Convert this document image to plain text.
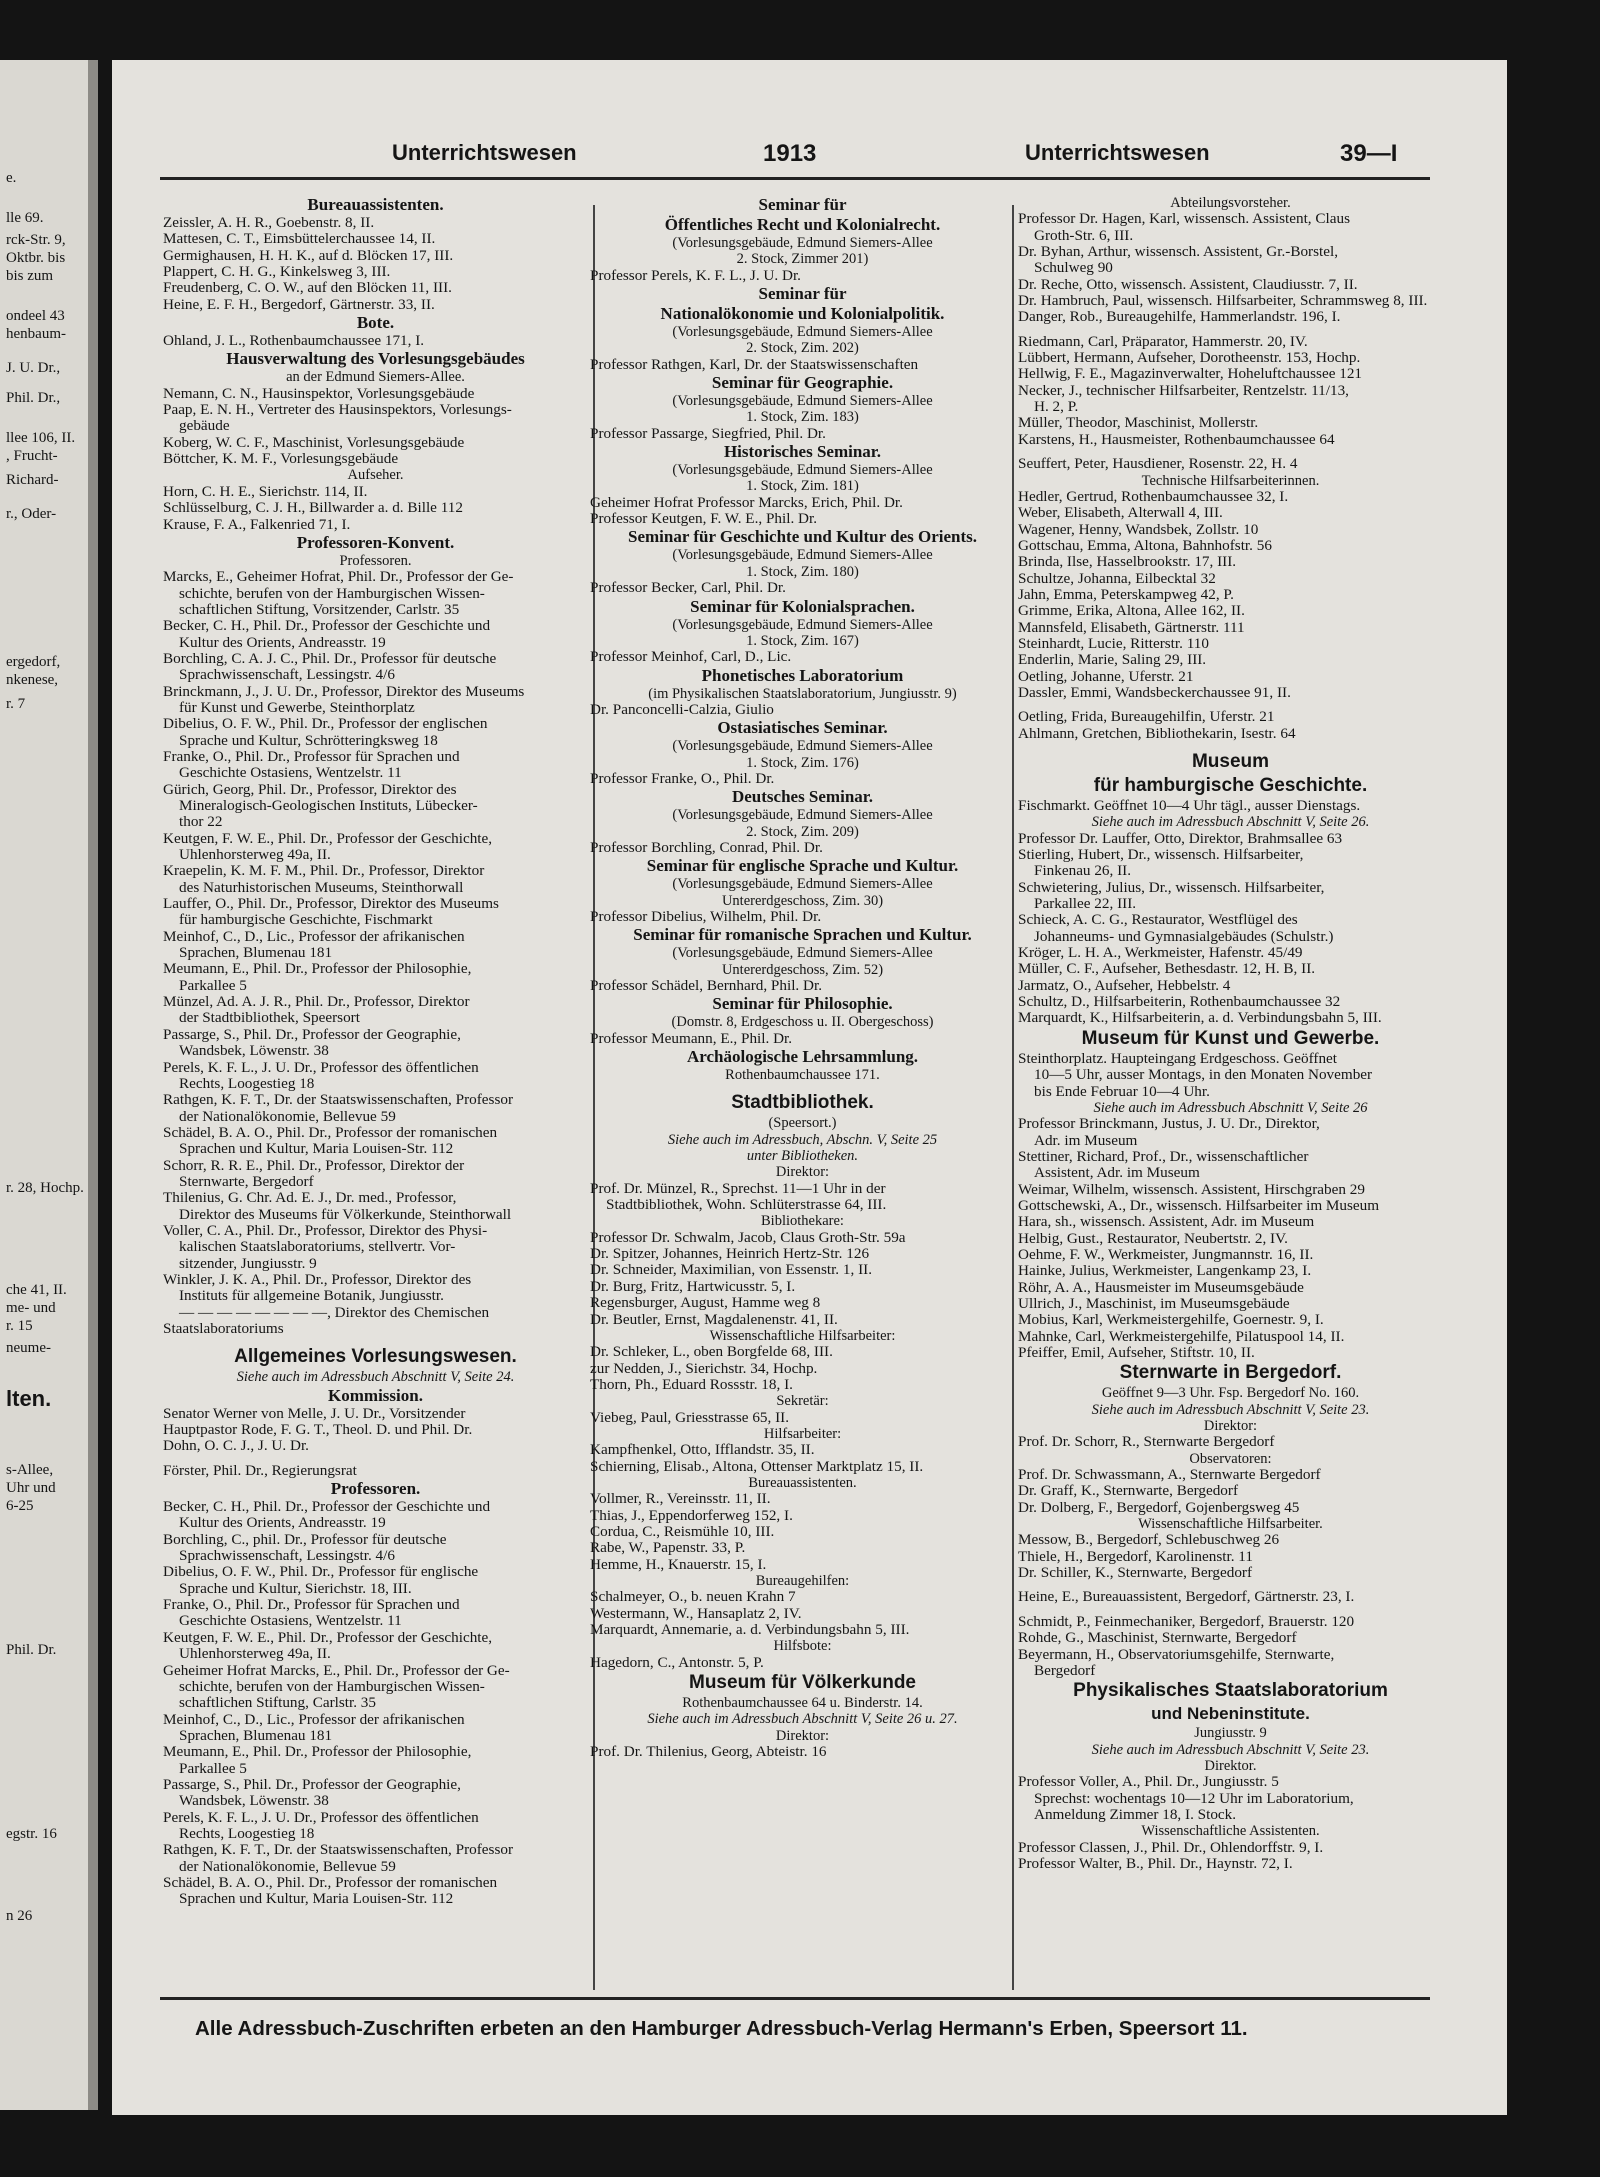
e.
lle 69.
rck-Str. 9,
Oktbr. bis
bis zum
ondeel 43
henbaum-
J. U. Dr.,
Phil. Dr.,
llee 106, II.
, Frucht-
Richard-
r., Oder-
ergedorf,
nkenese,
r. 7
r. 28, Hochp.
che 41, II.
me- und
r. 15
neume-
lten.
s-Allee,
Uhr und
6-25
Phil. Dr.
egstr. 16
n 26
Unterrichtswesen	1913	Unterrichtswesen	39—I
Bureauassistenten.
Zeissler, A. H. R., Goebenstr. 8, II.
Mattesen, C. T., Eimsbüttelerchaussee 14, II.
Germighausen, H. H. K., auf d. Blöcken 17, III.
Plappert, C. H. G., Kinkelsweg 3, III.
Freudenberg, C. O. W., auf den Blöcken 11, III.
Heine, E. F. H., Bergedorf, Gärtnerstr. 33, II.
Bote.
Ohland, J. L., Rothenbaumchaussee 171, I.
Hausverwaltung des Vorlesungsgebäudes
an der Edmund Siemers-Allee.
Nemann, C. N., Hausinspektor, Vorlesungsgebäude
Paap, E. N. H., Vertreter des Hausinspektors, Vorlesungs-
gebäude
Koberg, W. C. F., Maschinist, Vorlesungsgebäude
Böttcher, K. M. F., Vorlesungsgebäude
Aufseher.
Horn, C. H. E., Sierichstr. 114, II.
Schlüsselburg, C. J. H., Billwarder a. d. Bille 112
Krause, F. A., Falkenried 71, I.
Professoren-Konvent.
Professoren.
Marcks, E., Geheimer Hofrat, Phil. Dr., Professor der Ge-
schichte, berufen von der Hamburgischen Wissen-
schaftlichen Stiftung, Vorsitzender, Carlstr. 35
Becker, C. H., Phil. Dr., Professor der Geschichte und
Kultur des Orients, Andreasstr. 19
Borchling, C. A. J. C., Phil. Dr., Professor für deutsche
Sprachwissenschaft, Lessingstr. 4/6
Brinckmann, J., J. U. Dr., Professor, Direktor des Museums
für Kunst und Gewerbe, Steinthorplatz
Dibelius, O. F. W., Phil. Dr., Professor der englischen
Sprache und Kultur, Schrötteringksweg 18
Franke, O., Phil. Dr., Professor für Sprachen und
Geschichte Ostasiens, Wentzelstr. 11
Gürich, Georg, Phil. Dr., Professor, Direktor des
Mineralogisch-Geologischen Instituts, Lübecker-
thor 22
Keutgen, F. W. E., Phil. Dr., Professor der Geschichte,
Uhlenhorsterweg 49a, II.
Kraepelin, K. M. F. M., Phil. Dr., Professor, Direktor
des Naturhistorischen Museums, Steinthorwall
Lauffer, O., Phil. Dr., Professor, Direktor des Museums
für hamburgische Geschichte, Fischmarkt
Meinhof, C., D., Lic., Professor der afrikanischen
Sprachen, Blumenau 181
Meumann, E., Phil. Dr., Professor der Philosophie,
Parkallee 5
Münzel, Ad. A. J. R., Phil. Dr., Professor, Direktor
der Stadtbibliothek, Speersort
Passarge, S., Phil. Dr., Professor der Geographie,
Wandsbek, Löwenstr. 38
Perels, K. F. L., J. U. Dr., Professor des öffentlichen
Rechts, Loogestieg 18
Rathgen, K. F. T., Dr. der Staatswissenschaften, Professor
der Nationalökonomie, Bellevue 59
Schädel, B. A. O., Phil. Dr., Professor der romanischen
Sprachen und Kultur, Maria Louisen-Str. 112
Schorr, R. R. E., Phil. Dr., Professor, Direktor der
Sternwarte, Bergedorf
Thilenius, G. Chr. Ad. E. J., Dr. med., Professor,
Direktor des Museums für Völkerkunde, Steinthorwall
Voller, C. A., Phil. Dr., Professor, Direktor des Physi-
kalischen Staatslaboratoriums, stellvertr. Vor-
sitzender, Jungiusstr. 9
Winkler, J. K. A., Phil. Dr., Professor, Direktor des
Instituts für allgemeine Botanik, Jungiusstr.
— — — — — — — —, Direktor des Chemischen
Staatslaboratoriums
Allgemeines Vorlesungswesen.
Siehe auch im Adressbuch Abschnitt V, Seite 24.
Kommission.
Senator Werner von Melle, J. U. Dr., Vorsitzender
Hauptpastor Rode, F. G. T., Theol. D. und Phil. Dr.
Dohn, O. C. J., J. U. Dr.
Förster, Phil. Dr., Regierungsrat
Professoren.
Becker, C. H., Phil. Dr., Professor der Geschichte und
Kultur des Orients, Andreasstr. 19
Borchling, C., phil. Dr., Professor für deutsche
Sprachwissenschaft, Lessingstr. 4/6
Dibelius, O. F. W., Phil. Dr., Professor für englische
Sprache und Kultur, Sierichstr. 18, III.
Franke, O., Phil. Dr., Professor für Sprachen und
Geschichte Ostasiens, Wentzelstr. 11
Keutgen, F. W. E., Phil. Dr., Professor der Geschichte,
Uhlenhorsterweg 49a, II.
Geheimer Hofrat Marcks, E., Phil. Dr., Professor der Ge-
schichte, berufen von der Hamburgischen Wissen-
schaftlichen Stiftung, Carlstr. 35
Meinhof, C., D., Lic., Professor der afrikanischen
Sprachen, Blumenau 181
Meumann, E., Phil. Dr., Professor der Philosophie,
Parkallee 5
Passarge, S., Phil. Dr., Professor der Geographie,
Wandsbek, Löwenstr. 38
Perels, K. F. L., J. U. Dr., Professor des öffentlichen
Rechts, Loogestieg 18
Rathgen, K. F. T., Dr. der Staatswissenschaften, Professor
der Nationalökonomie, Bellevue 59
Schädel, B. A. O., Phil. Dr., Professor der romanischen
Sprachen und Kultur, Maria Louisen-Str. 112
Seminar für
Öffentliches Recht und Kolonialrecht.
(Vorlesungsgebäude, Edmund Siemers-Allee
2. Stock, Zimmer 201)
Professor Perels, K. F. L., J. U. Dr.
Seminar für
Nationalökonomie und Kolonialpolitik.
(Vorlesungsgebäude, Edmund Siemers-Allee
2. Stock, Zim. 202)
Professor Rathgen, Karl, Dr. der Staatswissenschaften
Seminar für Geographie.
(Vorlesungsgebäude, Edmund Siemers-Allee
1. Stock, Zim. 183)
Professor Passarge, Siegfried, Phil. Dr.
Historisches Seminar.
(Vorlesungsgebäude, Edmund Siemers-Allee
1. Stock, Zim. 181)
Geheimer Hofrat Professor Marcks, Erich, Phil. Dr.
Professor Keutgen, F. W. E., Phil. Dr.
Seminar für Geschichte und Kultur des Orients.
(Vorlesungsgebäude, Edmund Siemers-Allee
1. Stock, Zim. 180)
Professor Becker, Carl, Phil. Dr.
Seminar für Kolonialsprachen.
(Vorlesungsgebäude, Edmund Siemers-Allee
1. Stock, Zim. 167)
Professor Meinhof, Carl, D., Lic.
Phonetisches Laboratorium
(im Physikalischen Staatslaboratorium, Jungiusstr. 9)
Dr. Panconcelli-Calzia, Giulio
Ostasiatisches Seminar.
(Vorlesungsgebäude, Edmund Siemers-Allee
1. Stock, Zim. 176)
Professor Franke, O., Phil. Dr.
Deutsches Seminar.
(Vorlesungsgebäude, Edmund Siemers-Allee
2. Stock, Zim. 209)
Professor Borchling, Conrad, Phil. Dr.
Seminar für englische Sprache und Kultur.
(Vorlesungsgebäude, Edmund Siemers-Allee
Untererdgeschoss, Zim. 30)
Professor Dibelius, Wilhelm, Phil. Dr.
Seminar für romanische Sprachen und Kultur.
(Vorlesungsgebäude, Edmund Siemers-Allee
Untererdgeschoss, Zim. 52)
Professor Schädel, Bernhard, Phil. Dr.
Seminar für Philosophie.
(Domstr. 8, Erdgeschoss u. II. Obergeschoss)
Professor Meumann, E., Phil. Dr.
Archäologische Lehrsammlung.
Rothenbaumchaussee 171.
Stadtbibliothek.
(Speersort.)
Siehe auch im Adressbuch, Abschn. V, Seite 25
unter Bibliotheken.
Direktor:
Prof. Dr. Münzel, R., Sprechst. 11—1 Uhr in der
Stadtbibliothek, Wohn. Schlüterstrasse 64, III.
Bibliothekare:
Professor Dr. Schwalm, Jacob, Claus Groth-Str. 59a
Dr. Spitzer, Johannes, Heinrich Hertz-Str. 126
Dr. Schneider, Maximilian, von Essenstr. 1, II.
Dr. Burg, Fritz, Hartwicusstr. 5, I.
Regensburger, August, Hamme weg 8
Dr. Beutler, Ernst, Magdalenenstr. 41, II.
Wissenschaftliche Hilfsarbeiter:
Dr. Schleker, L., oben Borgfelde 68, III.
zur Nedden, J., Sierichstr. 34, Hochp.
Thorn, Ph., Eduard Rossstr. 18, I.
Sekretär:
Viebeg, Paul, Griesstrasse 65, II.
Hilfsarbeiter:
Kampfhenkel, Otto, Ifflandstr. 35, II.
Schierning, Elisab., Altona, Ottenser Marktplatz 15, II.
Bureauassistenten.
Vollmer, R., Vereinsstr. 11, II.
Thias, J., Eppendorferweg 152, I.
Cordua, C., Reismühle 10, III.
Rabe, W., Papenstr. 33, P.
Hemme, H., Knauerstr. 15, I.
Bureaugehilfen:
Schalmeyer, O., b. neuen Krahn 7
Westermann, W., Hansaplatz 2, IV.
Marquardt, Annemarie, a. d. Verbindungsbahn 5, III.
Hilfsbote:
Hagedorn, C., Antonstr. 5, P.
Museum für Völkerkunde
Rothenbaumchaussee 64 u. Binderstr. 14.
Siehe auch im Adressbuch Abschnitt V, Seite 26 u. 27.
Direktor:
Prof. Dr. Thilenius, Georg, Abteistr. 16
Abteilungsvorsteher.
Professor Dr. Hagen, Karl, wissensch. Assistent, Claus
Groth-Str. 6, III.
Dr. Byhan, Arthur, wissensch. Assistent, Gr.-Borstel,
Schulweg 90
Dr. Reche, Otto, wissensch. Assistent, Claudiusstr. 7, II.
Dr. Hambruch, Paul, wissensch. Hilfsarbeiter, Schrammsweg 8, III.
Danger, Rob., Bureaugehilfe, Hammerlandstr. 196, I.
Riedmann, Carl, Präparator, Hammerstr. 20, IV.
Lübbert, Hermann, Aufseher, Dorotheenstr. 153, Hochp.
Hellwig, F. E., Magazinverwalter, Hoheluftchaussee 121
Necker, J., technischer Hilfsarbeiter, Rentzelstr. 11/13,
H. 2, P.
Müller, Theodor, Maschinist, Mollerstr.
Karstens, H., Hausmeister, Rothenbaumchaussee 64
Seuffert, Peter, Hausdiener, Rosenstr. 22, H. 4
Technische Hilfsarbeiterinnen.
Hedler, Gertrud, Rothenbaumchaussee 32, I.
Weber, Elisabeth, Alterwall 4, III.
Wagener, Henny, Wandsbek, Zollstr. 10
Gottschau, Emma, Altona, Bahnhofstr. 56
Brinda, Ilse, Hasselbrookstr. 17, III.
Schultze, Johanna, Eilbecktal 32
Jahn, Emma, Peterskampweg 42, P.
Grimme, Erika, Altona, Allee 162, II.
Mannsfeld, Elisabeth, Gärtnerstr. 111
Steinhardt, Lucie, Ritterstr. 110
Enderlin, Marie, Saling 29, III.
Oetling, Johanne, Uferstr. 21
Dassler, Emmi, Wandsbeckerchaussee 91, II.
Oetling, Frida, Bureaugehilfin, Uferstr. 21
Ahlmann, Gretchen, Bibliothekarin, Isestr. 64
Museum
für hamburgische Geschichte.
Fischmarkt. Geöffnet 10—4 Uhr tägl., ausser Dienstags.
Siehe auch im Adressbuch Abschnitt V, Seite 26.
Professor Dr. Lauffer, Otto, Direktor, Brahmsallee 63
Stierling, Hubert, Dr., wissensch. Hilfsarbeiter,
Finkenau 26, II.
Schwietering, Julius, Dr., wissensch. Hilfsarbeiter,
Parkallee 22, III.
Schieck, A. C. G., Restaurator, Westflügel des
Johanneums- und Gymnasialgebäudes (Schulstr.)
Kröger, L. H. A., Werkmeister, Hafenstr. 45/49
Müller, C. F., Aufseher, Bethesdastr. 12, H. B, II.
Jarmatz, O., Aufseher, Hebbelstr. 4
Schultz, D., Hilfsarbeiterin, Rothenbaumchaussee 32
Marquardt, K., Hilfsarbeiterin, a. d. Verbindungsbahn 5, III.
Museum für Kunst und Gewerbe.
Steinthorplatz. Haupteingang Erdgeschoss. Geöffnet
10—5 Uhr, ausser Montags, in den Monaten November
bis Ende Februar 10—4 Uhr.
Siehe auch im Adressbuch Abschnitt V, Seite 26
Professor Brinckmann, Justus, J. U. Dr., Direktor,
Adr. im Museum
Stettiner, Richard, Prof., Dr., wissenschaftlicher
Assistent, Adr. im Museum
Weimar, Wilhelm, wissensch. Assistent, Hirschgraben 29
Gottschewski, A., Dr., wissensch. Hilfsarbeiter im Museum
Hara, sh., wissensch. Assistent, Adr. im Museum
Helbig, Gust., Restaurator, Neubertstr. 2, IV.
Oehme, F. W., Werkmeister, Jungmannstr. 16, II.
Hainke, Julius, Werkmeister, Langenkamp 23, I.
Röhr, A. A., Hausmeister im Museumsgebäude
Ullrich, J., Maschinist, im Museumsgebäude
Mobius, Karl, Werkmeistergehilfe, Goernestr. 9, I.
Mahnke, Carl, Werkmeistergehilfe, Pilatuspool 14, II.
Pfeiffer, Emil, Aufseher, Stiftstr. 10, II.
Sternwarte in Bergedorf.
Geöffnet 9—3 Uhr. Fsp. Bergedorf No. 160.
Siehe auch im Adressbuch Abschnitt V, Seite 23.
Direktor:
Prof. Dr. Schorr, R., Sternwarte Bergedorf
Observatoren:
Prof. Dr. Schwassmann, A., Sternwarte Bergedorf
Dr. Graff, K., Sternwarte, Bergedorf
Dr. Dolberg, F., Bergedorf, Gojenbergsweg 45
Wissenschaftliche Hilfsarbeiter.
Messow, B., Bergedorf, Schlebuschweg 26
Thiele, H., Bergedorf, Karolinenstr. 11
Dr. Schiller, K., Sternwarte, Bergedorf
Heine, E., Bureauassistent, Bergedorf, Gärtnerstr. 23, I.
Schmidt, P., Feinmechaniker, Bergedorf, Brauerstr. 120
Rohde, G., Maschinist, Sternwarte, Bergedorf
Beyermann, H., Observatoriumsgehilfe, Sternwarte,
Bergedorf
Physikalisches Staatslaboratorium
und Nebeninstitute.
Jungiusstr. 9
Siehe auch im Adressbuch Abschnitt V, Seite 23.
Direktor.
Professor Voller, A., Phil. Dr., Jungiusstr. 5
Sprechst: wochentags 10—12 Uhr im Laboratorium,
Anmeldung Zimmer 18, I. Stock.
Wissenschaftliche Assistenten.
Professor Classen, J., Phil. Dr., Ohlendorffstr. 9, I.
Professor Walter, B., Phil. Dr., Haynstr. 72, I.
Alle Adressbuch-Zuschriften erbeten an den Hamburger Adressbuch-Verlag Hermann's Erben, Speersort 11.
